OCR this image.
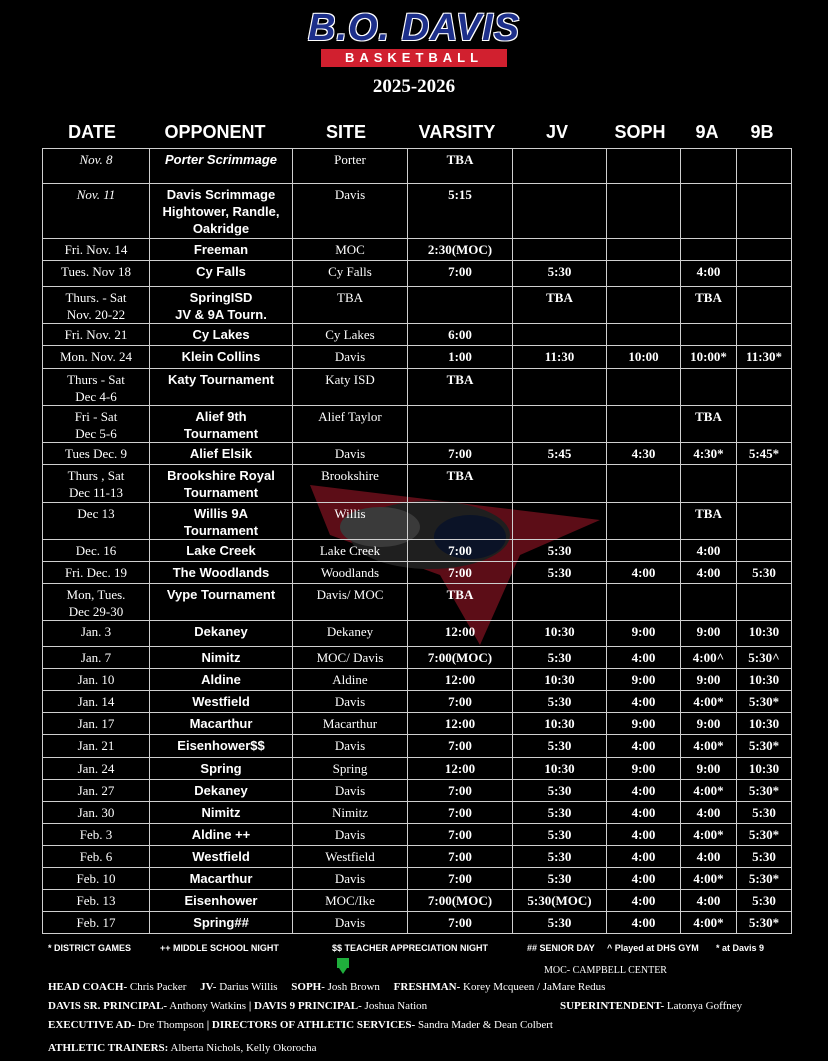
B.O. DAVIS
BASKETBALL
2025-2026
DATE	OPPONENT	SITE	VARSITY	JV	SOPH	9A	9B
Nov. 8	Porter Scrimmage	Porter	TBA				
Nov. 11	Davis Scrimmage
Hightower, Randle,
Oakridge	Davis	5:15				
Fri. Nov. 14	Freeman	MOC	2:30(MOC)				
Tues. Nov 18	Cy Falls	Cy Falls	7:00	5:30		4:00	
Thurs. - Sat
Nov. 20-22	SpringISD
JV & 9A Tourn.	TBA		TBA		TBA	
Fri. Nov. 21	Cy Lakes	Cy Lakes	6:00				
Mon. Nov. 24	Klein Collins	Davis	1:00	11:30	10:00	10:00*	11:30*
Thurs - Sat
Dec 4-6	Katy Tournament	Katy ISD	TBA				
Fri - Sat
Dec 5-6	Alief 9th
Tournament	Alief Taylor				TBA	
Tues Dec. 9	Alief Elsik	Davis	7:00	5:45	4:30	4:30*	5:45*
Thurs , Sat
Dec 11-13	Brookshire Royal
Tournament	Brookshire	TBA				
Dec 13	Willis 9A
Tournament	Willis				TBA	
Dec. 16	Lake Creek	Lake Creek	7:00	5:30		4:00	
Fri. Dec. 19	The Woodlands	Woodlands	7:00	5:30	4:00	4:00	5:30
Mon, Tues.
Dec 29-30	Vype Tournament	Davis/ MOC	TBA				
Jan. 3	Dekaney	Dekaney	12:00	10:30	9:00	9:00	10:30
Jan. 7	Nimitz	MOC/ Davis	7:00(MOC)	5:30	4:00	4:00^	5:30^
Jan. 10	Aldine	Aldine	12:00	10:30	9:00	9:00	10:30
Jan. 14	Westfield	Davis	7:00	5:30	4:00	4:00*	5:30*
Jan. 17	Macarthur	Macarthur	12:00	10:30	9:00	9:00	10:30
Jan. 21	Eisenhower$$	Davis	7:00	5:30	4:00	4:00*	5:30*
Jan. 24	Spring	Spring	12:00	10:30	9:00	9:00	10:30
Jan. 27	Dekaney	Davis	7:00	5:30	4:00	4:00*	5:30*
Jan. 30	Nimitz	Nimitz	7:00	5:30	4:00	4:00	5:30
Feb. 3	Aldine ++	Davis	7:00	5:30	4:00	4:00*	5:30*
Feb. 6	Westfield	Westfield	7:00	5:30	4:00	4:00	5:30
Feb. 10	Macarthur	Davis	7:00	5:30	4:00	4:00*	5:30*
Feb. 13	Eisenhower	MOC/Ike	7:00(MOC)	5:30(MOC)	4:00	4:00	5:30
Feb. 17	Spring##	Davis	7:00	5:30	4:00	4:00*	5:30*
* DISTRICT GAMES	++ MIDDLE SCHOOL NIGHT	$$ TEACHER APPRECIATION NIGHT	## SENIOR DAY ^ Played at DHS GYM * at Davis 9
MOC- CAMPBELL CENTER
HEAD COACH- Chris Packer JV- Darius Willis SOPH- Josh Brown FRESHMAN- Korey Mcqueen / JaMare Redus
DAVIS SR. PRINCIPAL- Anthony Watkins | DAVIS 9 PRINCIPAL- Joshua Nation	SUPERINTENDENT- Latonya Goffney
EXECUTIVE AD- Dre Thompson | DIRECTORS OF ATHLETIC SERVICES- Sandra Mader & Dean Colbert
ATHLETIC TRAINERS: Alberta Nichols, Kelly Okorocha
